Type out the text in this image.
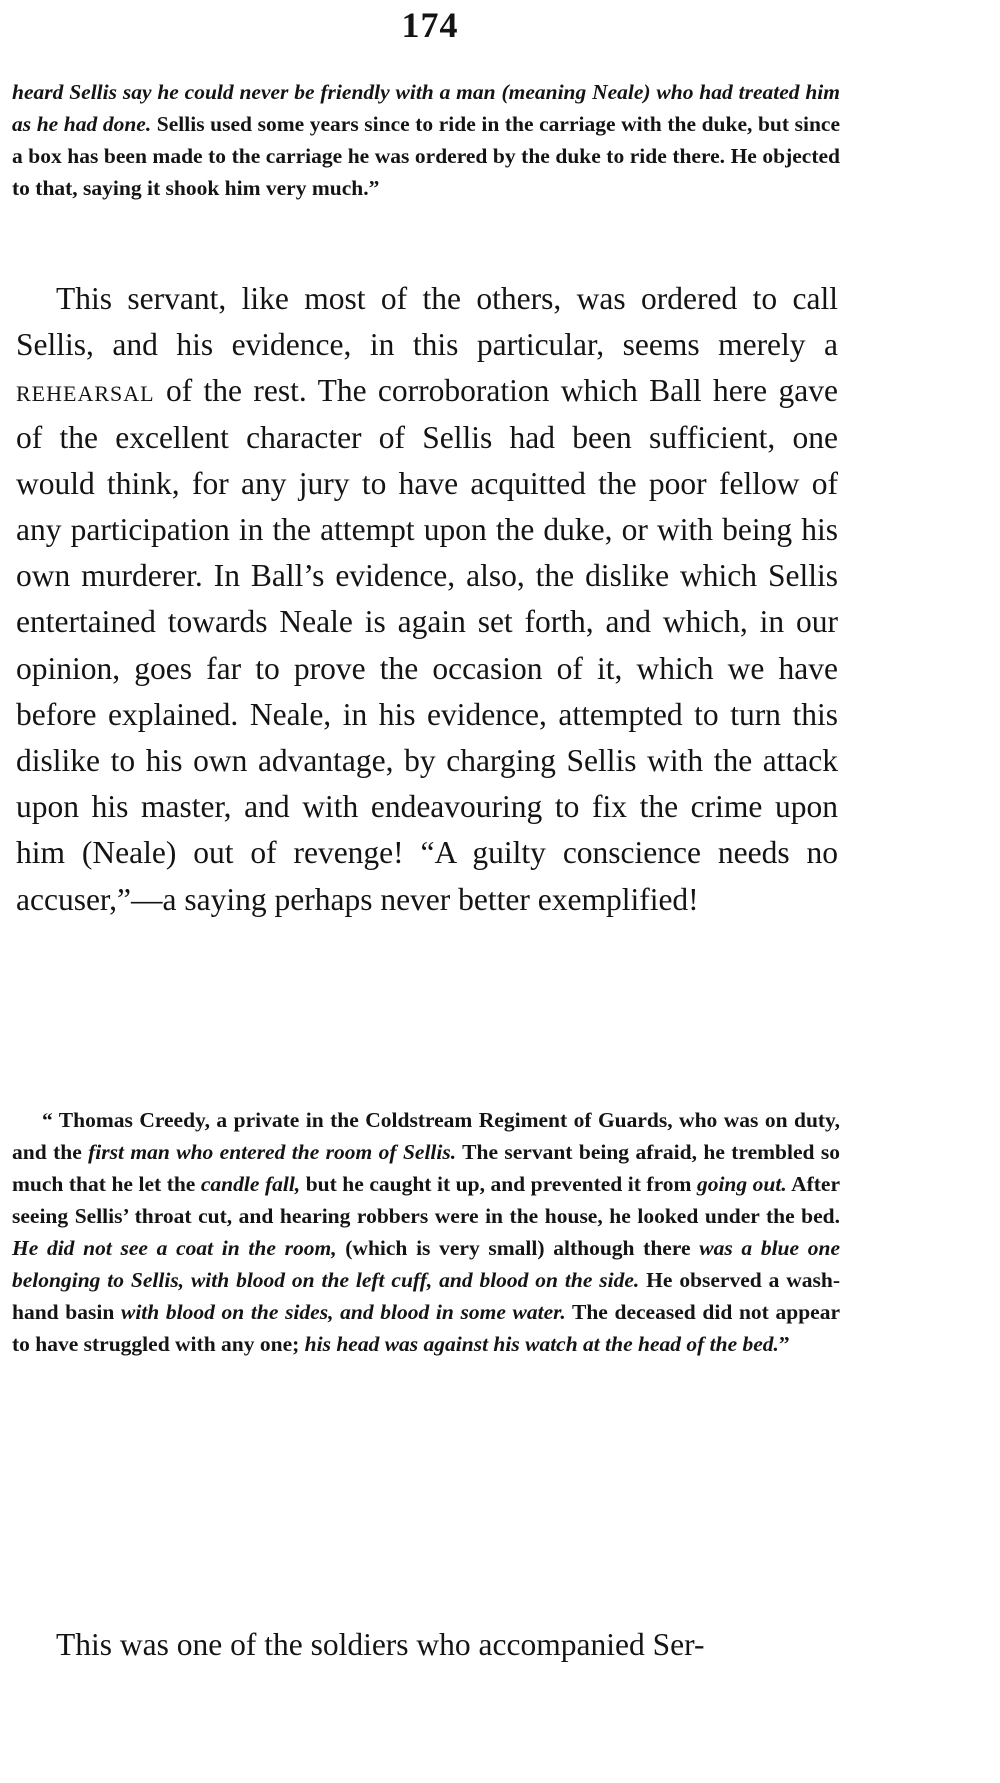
174
heard Sellis say he could never be friendly with a man (meaning Neale) who had treated him as he had done. Sellis used some years since to ride in the carriage with the duke, but since a box has been made to the carriage he was ordered by the duke to ride there. He objected to that, saying it shook him very much.”
This servant, like most of the others, was ordered to call Sellis, and his evidence, in this particular, seems merely a rehearsal of the rest. The corroboration which Ball here gave of the excellent character of Sellis had been sufficient, one would think, for any jury to have acquitted the poor fellow of any participation in the attempt upon the duke, or with being his own murderer. In Ball’s evidence, also, the dislike which Sellis entertained towards Neale is again set forth, and which, in our opinion, goes far to prove the occasion of it, which we have before explained. Neale, in his evidence, attempted to turn this dislike to his own advantage, by charging Sellis with the attack upon his master, and with endeavouring to fix the crime upon him (Neale) out of revenge! “A guilty conscience needs no accuser,”—a saying perhaps never better exemplified!
“ Thomas Creedy, a private in the Coldstream Regiment of Guards, who was on duty, and the first man who entered the room of Sellis. The servant being afraid, he trembled so much that he let the candle fall, but he caught it up, and prevented it from going out. After seeing Sellis’ throat cut, and hearing robbers were in the house, he looked under the bed. He did not see a coat in the room, (which is very small) although there was a blue one belonging to Sellis, with blood on the left cuff, and blood on the side. He observed a wash-hand basin with blood on the sides, and blood in some water. The deceased did not appear to have struggled with any one; his head was against his watch at the head of the bed.”
This was one of the soldiers who accompanied Ser-
